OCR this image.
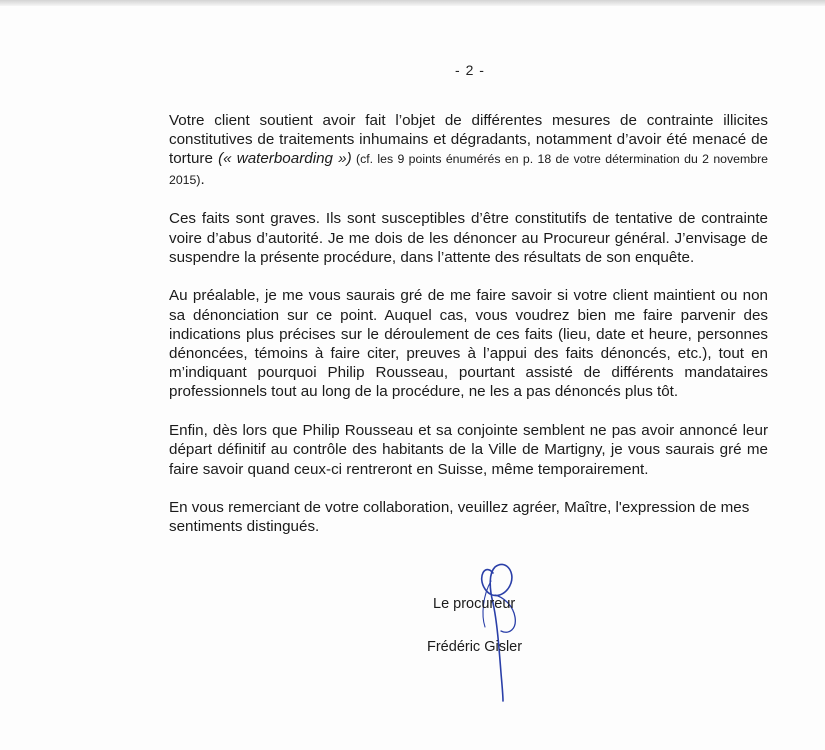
- 2 -

Votre client soutient avoir fait l’objet de différentes mesures de contrainte illicites constitutives de traitements inhumains et dégradants, notamment d’avoir été menacé de torture (« waterboarding ») (cf. les 9 points énumérés en p. 18 de votre détermination du 2 novembre 2015).

Ces faits sont graves. Ils sont susceptibles d’être constitutifs de tentative de contrainte voire d’abus d’autorité. Je me dois de les dénoncer au Procureur général. J’envisage de suspendre la présente procédure, dans l’attente des résultats de son enquête.

Au préalable, je me vous saurais gré de me faire savoir si votre client maintient ou non sa dénonciation sur ce point. Auquel cas, vous voudrez bien me faire parvenir des indications plus précises sur le déroulement de ces faits (lieu, date et heure, personnes dénoncées, témoins à faire citer, preuves à l’appui des faits dénoncés, etc.), tout en m’indiquant pourquoi Philip Rousseau, pourtant assisté de différents mandataires professionnels tout au long de la procédure, ne les a pas dénoncés plus tôt.

Enfin, dès lors que Philip Rousseau et sa conjointe semblent ne pas avoir annoncé leur départ définitif au contrôle des habitants de la Ville de Martigny, je vous saurais gré me faire savoir quand ceux-ci rentreront en Suisse, même temporairement.

En vous remerciant de votre collaboration, veuillez agréer, Maître, l'expression de mes sentiments distingués.

Le procureur
Frédéric Gisler
